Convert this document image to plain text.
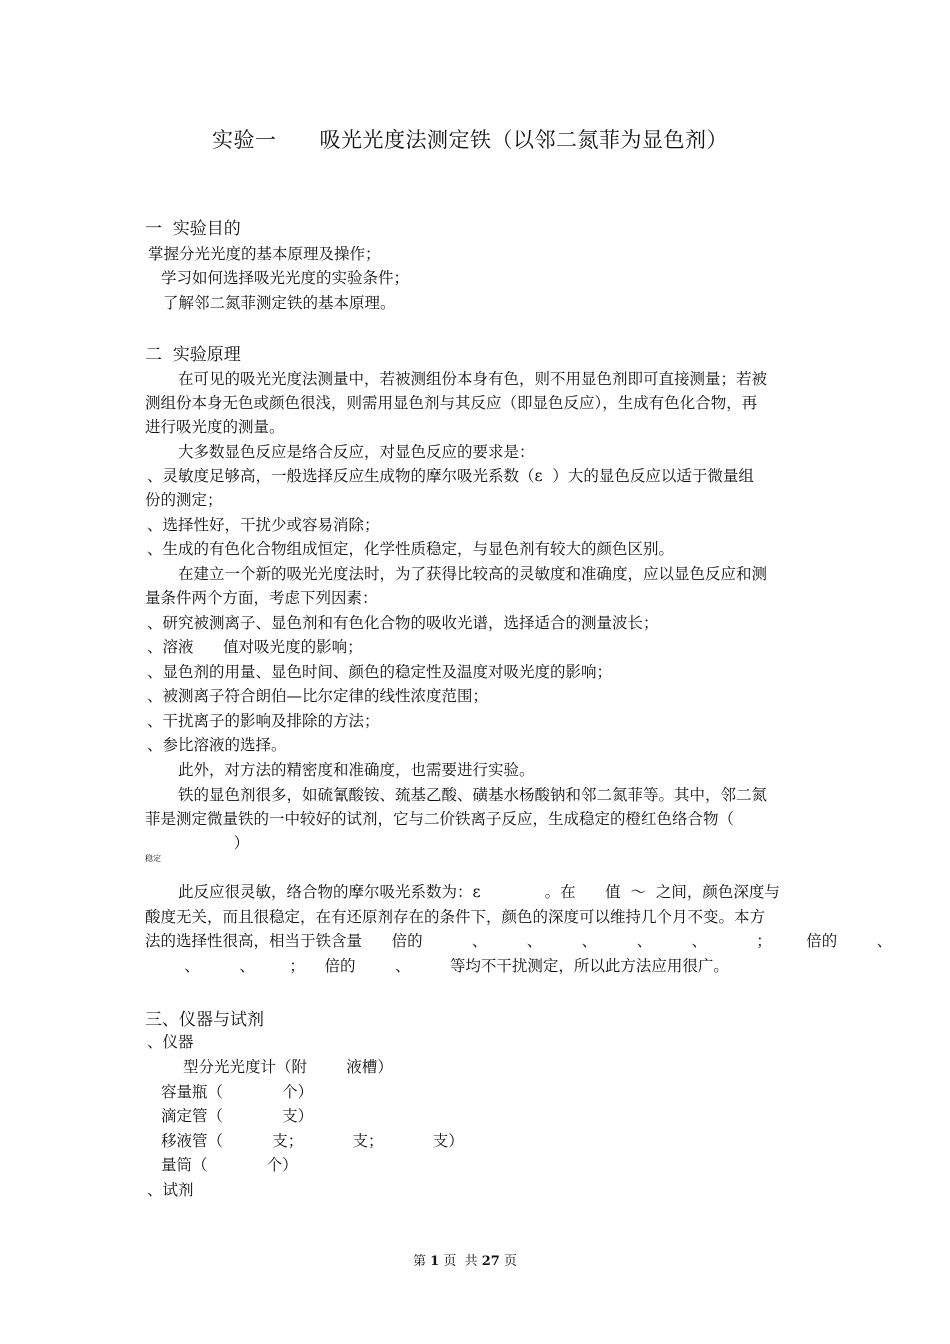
实验一      吸光光度法测定铁（以邻二氮菲为显色剂）
一  实验目的
掌握分光光度的基本原理及操作；
学习如何选择吸光光度的实验条件；
了解邻二氮菲测定铁的基本原理。
二  实验原理
在可见的吸光光度法测量中，若被测组份本身有色，则不用显色剂即可直接测量；若被
测组份本身无色或颜色很浅，则需用显色剂与其反应（即显色反应），生成有色化合物，再
进行吸光度的测量。
大多数显色反应是络合反应，对显色反应的要求是：
、灵敏度足够高，一般选择反应生成物的摩尔吸光系数（ε  ）大的显色反应以适于微量组
份的测定；
、选择性好，干扰少或容易消除；
、生成的有色化合物组成恒定，化学性质稳定，与显色剂有较大的颜色区别。
在建立一个新的吸光光度法时，为了获得比较高的灵敏度和准确度，应以显色反应和测
量条件两个方面，考虑下列因素：
、研究被测离子、显色剂和有色化合物的吸收光谱，选择适合的测量波长；
、溶液      值对吸光度的影响；
、显色剂的用量、显色时间、颜色的稳定性及温度对吸光度的影响；
、被测离子符合朗伯—比尔定律的线性浓度范围；
、干扰离子的影响及排除的方法；
、参比溶液的选择。
此外，对方法的精密度和准确度，也需要进行实验。
铁的显色剂很多，如硫氰酸铵、巯基乙酸、磺基水杨酸钠和邻二氮菲等。其中，邻二氮
菲是测定微量铁的一中较好的试剂，它与二价铁离子反应，生成稳定的橙红色络合物（
）
稳定
此反应很灵敏，络合物的摩尔吸光系数为：ε             。在      值  ～  之间，颜色深度与
酸度无关，而且很稳定，在有还原剂存在的条件下，颜色的深度可以维持几个月不变。本方
法的选择性很高，相当于铁含量      倍的          、        、        、        、        、          ；       倍的        、
、        、       ；    倍的        、        等均不干扰测定，所以此方法应用很广。
三、仪器与试剂
、仪器
型分光光度计（附        液槽）
容量瓶（            个）
滴定管（            支）
移液管（          支；          支；          支）
量筒（            个）
、试剂
第 1 页  共 27 页
